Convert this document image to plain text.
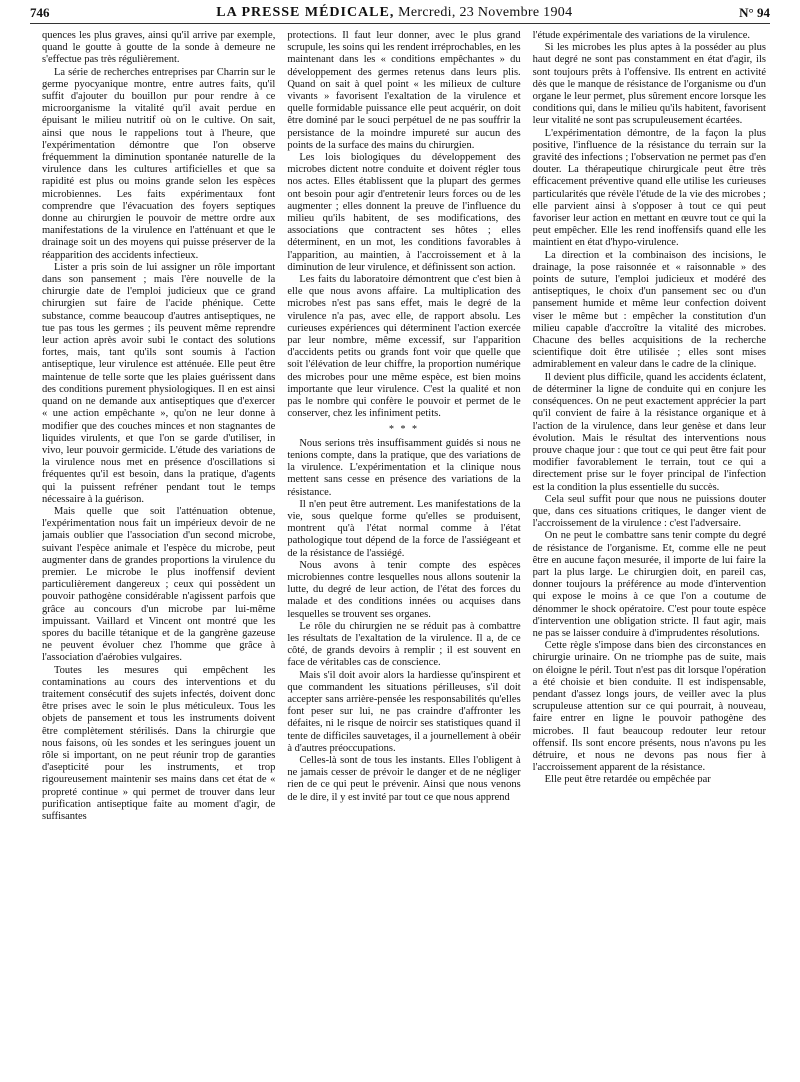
746	LA PRESSE MÉDICALE, Mercredi, 23 Novembre 1904	N° 94

quences les plus graves, ainsi qu'il arrive par exemple, quand le goutte à goutte de la sonde à demeure ne s'effectue pas très régulièrement.

La série de recherches entreprises par Charrin sur le germe pyocyanique montre, entre autres faits, qu'il suffit d'ajouter du bouillon pur pour rendre à ce microorganisme la vitalité qu'il avait perdue en épuisant le milieu nutritif où on le cultive. On sait, ainsi que nous le rappelions tout à l'heure, que l'expérimentation démontre que l'on observe fréquemment la diminution spontanée naturelle de la virulence dans les cultures artificielles et que sa rapidité est plus ou moins grande selon les espèces microbiennes. Les faits expérimentaux font comprendre que l'évacuation des foyers septiques donne au chirurgien le pouvoir de mettre ordre aux manifestations de la virulence en l'atténuant et que le drainage soit un des moyens qui puisse préserver de la réapparition des accidents infectieux.

Lister a pris soin de lui assigner un rôle important dans son pansement ; mais l'ère nouvelle de la chirurgie date de l'emploi judicieux que ce grand chirurgien sut faire de l'acide phénique. Cette substance, comme beaucoup d'autres antiseptiques, ne tue pas tous les germes ; ils peuvent même reprendre leur action après avoir subi le contact des solutions fortes, mais, tant qu'ils sont soumis à l'action antiseptique, leur virulence est atténuée. Elle peut être maintenue de telle sorte que les plaies guérissent dans des conditions purement physiologiques. Il en est ainsi quand on ne demande aux antiseptiques que d'exercer « une action empêchante », qu'on ne leur donne à modifier que des couches minces et non stagnantes de liquides virulents, et que l'on se garde d'utiliser, in vivo, leur pouvoir germicide. L'étude des variations de la virulence nous met en présence d'oscillations si fréquentes qu'il est besoin, dans la pratique, d'agents qui la puissent refréner pendant tout le temps nécessaire à la guérison.

Mais quelle que soit l'atténuation obtenue, l'expérimentation nous fait un impérieux devoir de ne jamais oublier que l'association d'un second microbe, suivant l'espèce animale et l'espèce du microbe, peut augmenter dans de grandes proportions la virulence du premier. Le microbe le plus inoffensif devient particulièrement dangereux ; ceux qui possèdent un pouvoir pathogène considérable n'agissent parfois que grâce au concours d'un microbe par lui-même impuissant. Vaillard et Vincent ont montré que les spores du bacille tétanique et de la gangrène gazeuse ne peuvent évoluer chez l'homme que grâce à l'association d'aérobies vulgaires.

Toutes les mesures qui empêchent les contaminations au cours des interventions et du traitement consécutif des sujets infectés, doivent donc être prises avec le soin le plus méticuleux. Tous les objets de pansement et tous les instruments doivent être complètement stérilisés. Dans la chirurgie que nous faisons, où les sondes et les seringues jouent un rôle si important, on ne peut réunir trop de garanties d'asepticité pour les instruments, et trop rigoureusement maintenir ses mains dans cet état de « propreté continue » qui permet de trouver dans leur purification antiseptique faite au moment d'agir, de suffisantes

protections. Il faut leur donner, avec le plus grand scrupule, les soins qui les rendent irréprochables, en les maintenant dans les « conditions empêchantes » du développement des germes retenus dans leurs plis. Quand on sait à quel point « les milieux de culture vivants » favorisent l'exaltation de la virulence et quelle formidable puissance elle peut acquérir, on doit être dominé par le souci perpétuel de ne pas souffrir la persistance de la moindre impureté sur aucun des points de la surface des mains du chirurgien.

Les lois biologiques du développement des microbes dictent notre conduite et doivent régler tous nos actes. Elles établissent que la plupart des germes ont besoin pour agir d'entretenir leurs forces ou de les augmenter ; elles donnent la preuve de l'influence du milieu qu'ils habitent, de ses modifications, des associations que contractent ses hôtes ; elles déterminent, en un mot, les conditions favorables à l'apparition, au maintien, à l'accroissement et à la diminution de leur virulence, et définissent son action.

Les faits du laboratoire démontrent que c'est bien à elle que nous avons affaire. La multiplication des microbes n'est pas sans effet, mais le degré de la virulence n'a pas, avec elle, de rapport absolu. Les curieuses expériences qui déterminent l'action exercée par leur nombre, même excessif, sur l'apparition d'accidents petits ou grands font voir que quelle que soit l'élévation de leur chiffre, la proportion numérique des microbes pour une même espèce, est bien moins importante que leur virulence. C'est la qualité et non pas le nombre qui confère le pouvoir et permet de le conserver, chez les infiniment petits.

* * *

Nous serions très insuffisamment guidés si nous ne tenions compte, dans la pratique, que des variations de la virulence. L'expérimentation et la clinique nous mettent sans cesse en présence des variations de la résistance.

Il n'en peut être autrement. Les manifestations de la vie, sous quelque forme qu'elles se produisent, montrent qu'à l'état normal comme à l'état pathologique tout dépend de la force de l'assiégeant et de la résistance de l'assiégé.

Nous avons à tenir compte des espèces microbiennes contre lesquelles nous allons soutenir la lutte, du degré de leur action, de l'état des forces du malade et des conditions innées ou acquises dans lesquelles se trouvent ses organes.

Le rôle du chirurgien ne se réduit pas à combattre les résultats de l'exaltation de la virulence. Il a, de ce côté, de grands devoirs à remplir ; il est souvent en face de véritables cas de conscience.

Mais s'il doit avoir alors la hardiesse qu'inspirent et que commandent les situations périlleuses, s'il doit accepter sans arrière-pensée les responsabilités qu'elles font peser sur lui, ne pas craindre d'affronter les défaites, ni le risque de noircir ses statistiques quand il tente de difficiles sauvetages, il a journellement à obéir à d'autres préoccupations.

Celles-là sont de tous les instants. Elles l'obligent à ne jamais cesser de prévoir le danger et de ne négliger rien de ce qui peut le prévenir. Ainsi que nous venons de le dire, il y est invité par tout ce que nous apprend

l'étude expérimentale des variations de la virulence.

Si les microbes les plus aptes à la posséder au plus haut degré ne sont pas constamment en état d'agir, ils sont toujours prêts à l'offensive. Ils entrent en activité dès que le manque de résistance de l'organisme ou d'un organe le leur permet, plus sûrement encore lorsque les conditions qui, dans le milieu qu'ils habitent, favorisent leur vitalité ne sont pas scrupuleusement écartées.

L'expérimentation démontre, de la façon la plus positive, l'influence de la résistance du terrain sur la gravité des infections ; l'observation ne permet pas d'en douter. La thérapeutique chirurgicale peut être très efficacement préventive quand elle utilise les curieuses particularités que révèle l'étude de la vie des microbes ; elle parvient ainsi à s'opposer à tout ce qui peut favoriser leur action en mettant en œuvre tout ce qui la peut empêcher. Elle les rend inoffensifs quand elle les maintient en état d'hypo-virulence.

La direction et la combinaison des incisions, le drainage, la pose raisonnée et « raisonnable » des points de suture, l'emploi judicieux et modéré des antiseptiques, le choix d'un pansement sec ou d'un pansement humide et même leur confection doivent viser le même but : empêcher la constitution d'un milieu capable d'accroître la vitalité des microbes. Chacune des belles acquisitions de la recherche scientifique doit être utilisée ; elles sont mises admirablement en valeur dans le cadre de la clinique.

Il devient plus difficile, quand les accidents éclatent, de déterminer la ligne de conduite qui en conjure les conséquences. On ne peut exactement apprécier la part qu'il convient de faire à la résistance organique et à l'action de la virulence, dans leur genèse et dans leur évolution. Mais le résultat des interventions nous prouve chaque jour : que tout ce qui peut être fait pour modifier favorablement le terrain, tout ce qui a directement prise sur le foyer principal de l'infection est la condition la plus essentielle du succès.

Cela seul suffit pour que nous ne puissions douter que, dans ces situations critiques, le danger vient de l'accroissement de la virulence : c'est l'adversaire.

On ne peut le combattre sans tenir compte du degré de résistance de l'organisme. Et, comme elle ne peut être en aucune façon mesurée, il importe de lui faire la part la plus large. Le chirurgien doit, en pareil cas, donner toujours la préférence au mode d'intervention qui expose le moins à ce que l'on a coutume de dénommer le shock opératoire. C'est pour toute espèce d'intervention une obligation stricte. Il faut agir, mais ne pas se laisser conduire à d'imprudentes résolutions.

Cette règle s'impose dans bien des circonstances en chirurgie urinaire. On ne triomphe pas de suite, mais on éloigne le péril. Tout n'est pas dit lorsque l'opération a été choisie et bien conduite. Il est indispensable, pendant d'assez longs jours, de veiller avec la plus scrupuleuse attention sur ce qui pourrait, à nouveau, faire entrer en ligne le pouvoir pathogène des microbes. Il faut beaucoup redouter leur retour offensif. Ils sont encore présents, nous n'avons pu les détruire, et nous ne devons pas nous fier à l'accroissement apparent de la résistance.

Elle peut être retardée ou empêchée par
